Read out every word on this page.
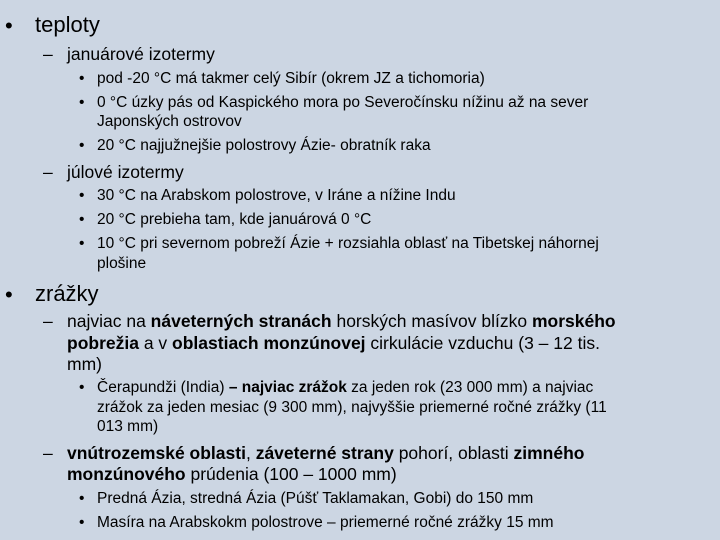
• teploty
– januárové izotermy
• pod -20 °C má takmer celý Sibír (okrem JZ a tichomoria)
• 0 °C úzky pás od Kaspického mora po Severočínsku nížinu až na sever
Japonských ostrovov
• 20 °C najjužnejšie polostrovy Ázie- obratník raka
– júlové izotermy
• 30 °C na Arabskom polostrove, v Iráne a nížine Indu
• 20 °C prebieha tam, kde januárová 0 °C
• 10 °C pri severnom pobreží Ázie + rozsiahla oblasť na Tibetskej náhornej
plošine
• zrážky
– najviac na náveterných stranách horských masívov blízko morského
pobrežia a v oblastiach monzúnovej cirkulácie vzduchu (3 – 12 tis.
mm)
• Čerapundži (India) – najviac zrážok za jeden rok (23 000 mm) a najviac
zrážok za jeden mesiac (9 300 mm), najvyššie priemerné ročné zrážky (11
013 mm)
– vnútrozemské oblasti, záveterné strany pohorí, oblasti zimného
monzúnového prúdenia (100 – 1000 mm)
• Predná Ázia, stredná Ázia (Púšť Taklamakan, Gobi) do 150 mm
• Masíra na Arabskokm polostrove – priemerné ročné zrážky 15 mm
